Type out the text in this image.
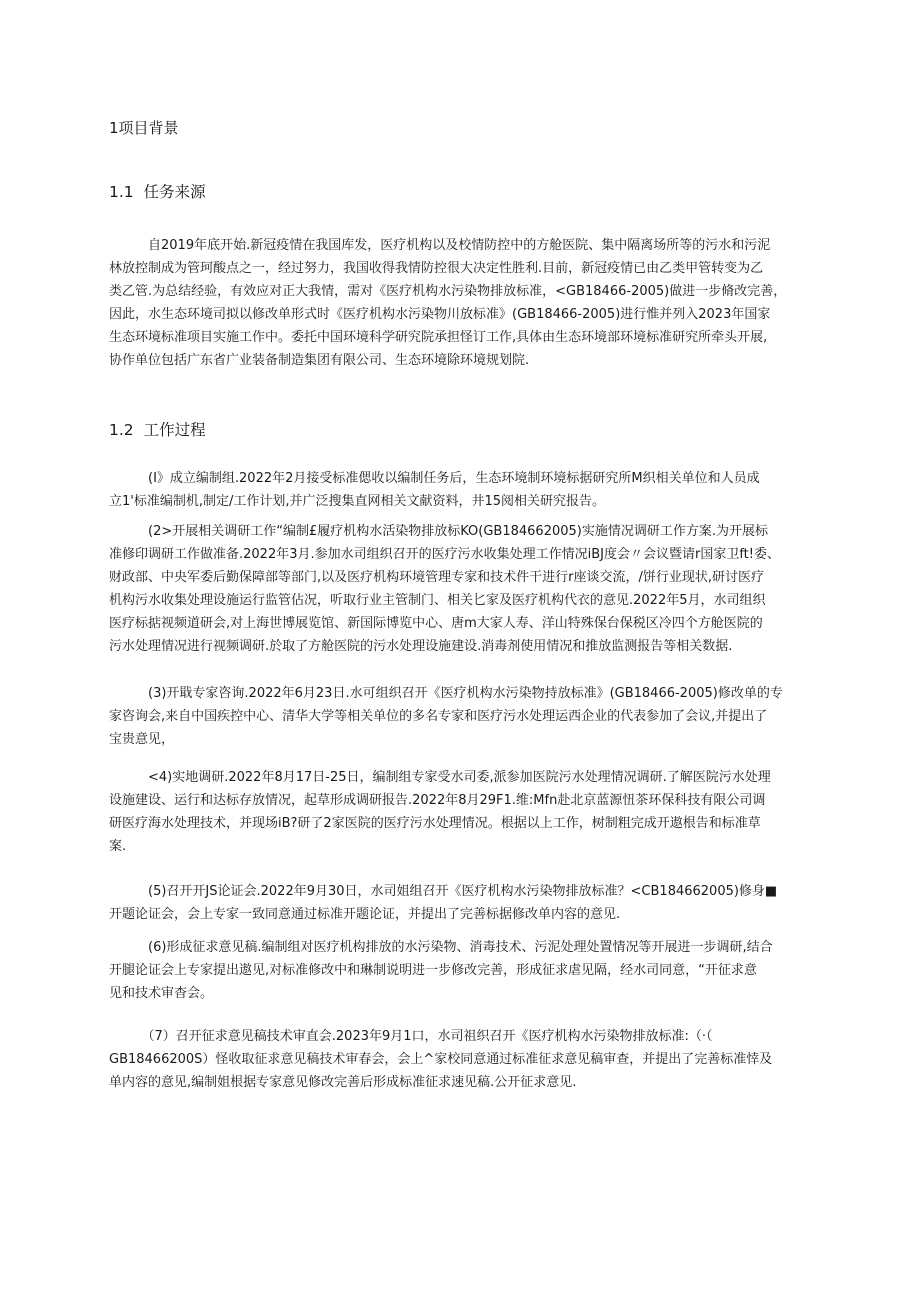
1项目背景
1.1 任务来源
　　　自2019年底开始.新冠疫情在我国库发，医疗机构以及校情防控中的方舱医院、集中隔离场所等的污水和污泥
林放控制成为管珂酸点之一，经过努力，我国收得我情防控很大决定性胜利.目前，新冠疫情已由乙类甲管转变为乙
类乙管.为总结经验，有效应对正大我情，需对《医疗机构水污染物排放标准，<GB18466-2005)做进一步脩改完善，
因此，水生态环境司拟以修改单形式时《医疗机构水污染物川放标准》(GB18466-2005)进行惟并列入2023年国家
生态环境标准项目实施工作中。委托中国环境科学研究院承担怪订工作,具体由生态环境部环境标准研究所牵头开展,
协作单位包括广东省广业装备制造集团有限公司、生态环境除环境规划院.
1.2 工作过程
　　　(I》成立编制组.2022年2月接受标准偲收以编制任务后，生态环境制环境标据研究所M织相关单位和人员成
立1'标准编制机,制定/工作计划,并广泛搜集直网相关文献资料，井15阅相关研究报告。
　　　(2>开展相关调研工作“编制£履疗机构水活染物排放标KO(GB184662005)实施情况调研工作方案.为开展标
准修印调研工作做准备.2022年3月.参加水司组织召开的医疗污水收集处理工作情况iBJ度会〃会议暨请r国家卫ft!委、
财政部、中央军委后勤保障部等部门,以及医疗机构环境管理专家和技术件干进行r座谈交流，/饼行业现状,研讨医疗
机构污水收集处理设施运行监管佔况，听取行业主管制门、相关匕家及医疗机构代衣的意见.2022年5月，水司组织
医疗标掂视频道研会,对上海世博展览馆、新国际博览中心、唐m大家人寿、洋山特殊保台保税区冷四个方舱医院的
污水处理情况进行视频调研.於取了方舱医院的污水处理设施建设.消毒剂使用情况和推放监测报告等相关数据.
　　　(3)开戢专家咨询.2022年6月23日.水可组织召开《医疗机构水污染物持放标准》(GB18466-2005)修改单的专
家咨询会,来自中国疾控中心、清华大学等相关单位的多名专家和医疗污水处理运西企业的代表参加了会议,并提出了
宝贵意见，
　　　<4)实地调研.2022年8月17日-25日，编制组专家受水司委,派参加医院污水处理情况调研.了解医院污水处理
设施建设、运行和达标存放情况，起草形成调研报告.2022年8月29F1.维:Mfn赴北京蓝源忸茶环保科技有限公司调
研医疗海水处理技术，并现场iB?研了2家医院的医疗污水处理情况。根据以上工作，树制粗完成开遨根告和标准草
案.
　　　(5)召开开JS论证会.2022年9月30日，水司姐组召开《医疗机构水污染物排放标准？<CB184662005)修身■
开题论证会，会上专家一致同意通过标准开题论证，并提出了完善标据修改单内容的意见.
　　　(6)形成征求意见稿.编制组对医疗机构排放的水污染物、消毒技术、污泥处理处置情况等开展进一步调研,结合
开腿论证会上专家提出遨见,对标准修改中和琳制说明进一步修改完善，形成征求虐见隔，经水司同意，“开征求意
见和技术审杳会。
　　　（7）召开征求意见稿技术审直会.2023年9月1口，水司祖织召开《医疗机构水污染物排放标准:（·（
GB18466200S）怪收取征求意见稿技术审春会，会上^家校同意通过标准征求意见稿审查，并提出了完善标准悻及
单内容的意见,编制姐根据专家意见修改完善后形成标准征求速见稿.公开征求意见.
